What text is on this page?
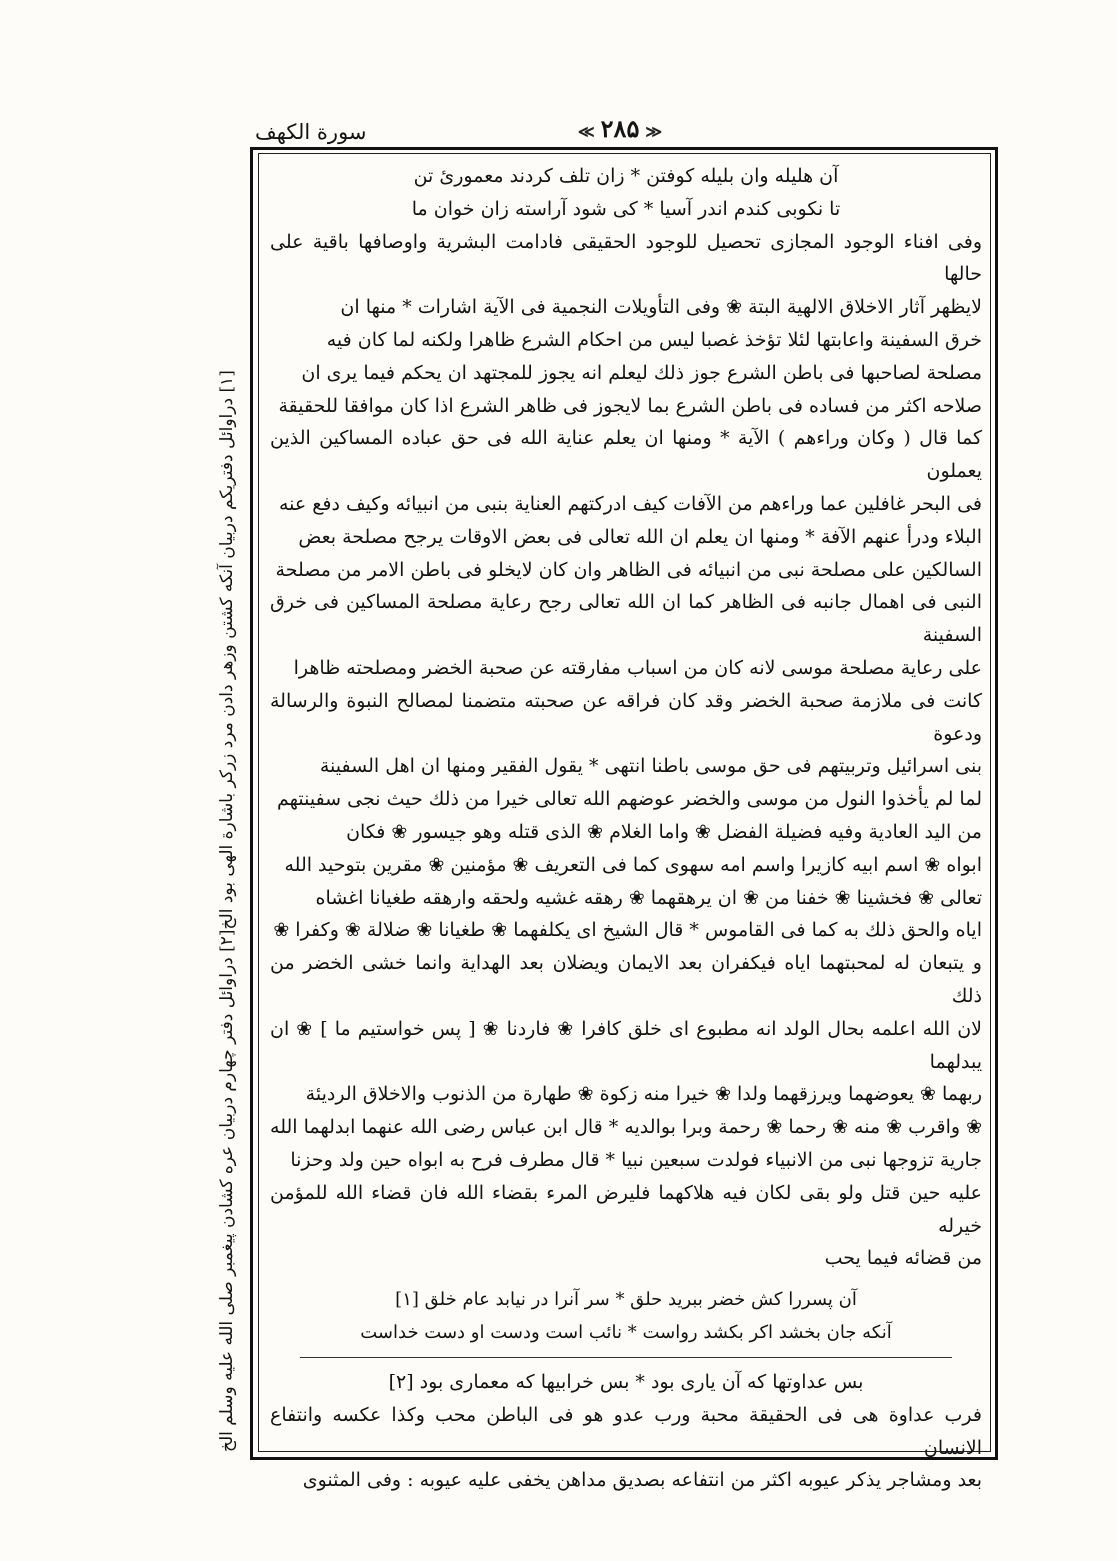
≪۲۸۵≫
سورة الكهف
آن هليله وان بليله كوفتن * زان تلف كردند معمورئ تن
تا نكوبى كندم اندر آسيا * كى شود آراسته زان خوان ما
وفى افناء الوجود المجازى تحصيل للوجود الحقيقى فادامت البشرية واوصافها باقية على حالها
لايظهر آثار الاخلاق الالهية البتة ❀ وفى التأويلات النجمية فى الآية اشارات * منها ان
خرق السفينة واعابتها لئلا تؤخذ غصبا ليس من احكام الشرع ظاهرا ولكنه لما كان فيه
مصلحة لصاحبها فى باطن الشرع جوز ذلك ليعلم انه يجوز للمجتهد ان يحكم فيما يرى ان
صلاحه اكثر من فساده فى باطن الشرع بما لايجوز فى ظاهر الشرع اذا كان موافقا للحقيقة
كما قال ( وكان وراءهم ) الآية * ومنها ان يعلم عناية الله فى حق عباده المساكين الذين يعملون
فى البحر غافلين عما وراءهم من الآفات كيف ادركتهم العناية بنبى من انبيائه وكيف دفع عنه
البلاء ودرأ عنهم الآفة * ومنها ان يعلم ان الله تعالى فى بعض الاوقات يرجح مصلحة بعض
السالكين على مصلحة نبى من انبيائه فى الظاهر وان كان لايخلو فى باطن الامر من مصلحة
النبى فى اهمال جانبه فى الظاهر كما ان الله تعالى رجح رعاية مصلحة المساكين فى خرق السفينة
على رعاية مصلحة موسى لانه كان من اسباب مفارقته عن صحبة الخضر ومصلحته ظاهرا
كانت فى ملازمة صحبة الخضر وقد كان فراقه عن صحبته متضمنا لمصالح النبوة والرسالة ودعوة
بنى اسرائيل وتربيتهم فى حق موسى باطنا انتهى * يقول الفقير ومنها ان اهل السفينة
لما لم يأخذوا النول من موسى والخضر عوضهم الله تعالى خيرا من ذلك حيث نجى سفينتهم
من اليد العادية وفيه فضيلة الفضل ❀ واما الغلام ❀ الذى قتله وهو جيسور ❀ فكان
ابواه ❀ اسم ابيه كازيرا واسم امه سهوى كما فى التعريف ❀ مؤمنين ❀ مقرين بتوحيد الله
تعالى ❀ فخشينا ❀ خفنا من ❀ ان يرهقهما ❀ رهقه غشيه ولحقه وارهقه طغيانا اغشاه
اياه والحق ذلك به كما فى القاموس * قال الشيخ اى يكلفهما ❀ طغيانا ❀ ضلالة ❀ وكفرا ❀
و يتبعان له لمحبتهما اياه فيكفران بعد الايمان ويضلان بعد الهداية وانما خشى الخضر من ذلك
لان الله اعلمه بحال الولد انه مطبوع اى خلق كافرا ❀ فاردنا ❀ [ پس خواستيم ما ] ❀ ان يبدلهما
ربهما ❀ يعوضهما ويرزقهما ولدا ❀ خيرا منه زكوة ❀ طهارة من الذنوب والاخلاق الرديئة
❀ واقرب ❀ منه ❀ رحما ❀ رحمة وبرا بوالديه * قال ابن عباس رضى الله عنهما ابدلهما الله
جارية تزوجها نبى من الانبياء فولدت سبعين نبيا * قال مطرف فرح به ابواه حين ولد وحزنا
عليه حين قتل ولو بقى لكان فيه هلاكهما فليرض المرء بقضاء الله فان قضاء الله للمؤمن خيرله
من قضائه فيما يحب
آن پسررا كش خضر ببريد حلق * سر آنرا در نيابد عام خلق [١]
آنكه جان بخشد اكر بكشد رواست * نائب است ودست او دست خداست
بس عداوتها كه آن يارى بود * بس خرابيها كه معمارى بود [٢]
فرب عداوة هى فى الحقيقة محبة ورب عدو هو فى الباطن محب وكذا عكسه وانتفاع الانسان
بعد ومشاجر يذكر عيوبه اكثر من انتفاعه بصديق مداهن يخفى عليه عيوبه : وفى المثنوى
[١] دراوائل دفتريكم دربيان آنكه كشتن وزهر دادن مرد زركر باشارة الهى بود الخ[٢] دراوائل دفتر چهارم دربيان عره كشادن پيغمبر صلى الله عليه وسلم الخ
